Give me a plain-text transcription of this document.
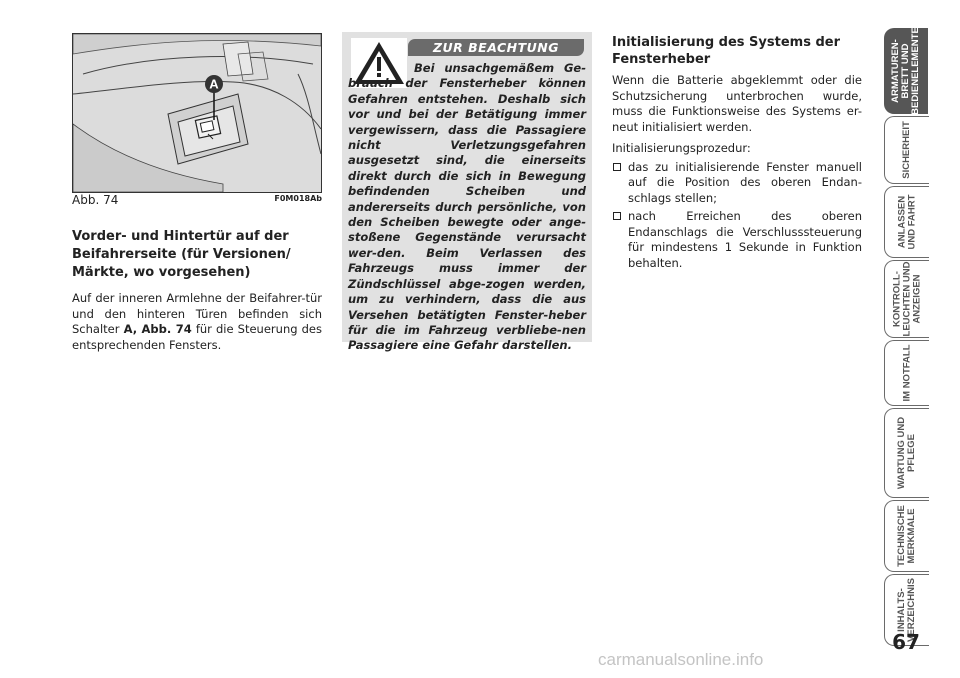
A
Abb. 74	F0M018Ab
Vorder- und Hintertür auf der Beifahrerseite (für Versionen/ Märkte, wo vorgesehen)
Auf der inneren Armlehne der Beifahrer-tür und den hinteren Türen befinden sich Schalter A, Abb. 74 für die Steuerung des entsprechenden Fensters.
ZUR BEACHTUNG
Bei unsachgemäßem Ge-brauch der Fensterheber können Gefahren entstehen. Deshalb sich vor und bei der Betätigung immer vergewissern, dass die Passagiere nicht Verletzungsgefahren ausgesetzt sind, die einerseits direkt durch die sich in Bewegung befindenden Scheiben und andererseits durch persönliche, von den Scheiben bewegte oder ange-stoßene Gegenstände verursacht wer-den. Beim Verlassen des Fahrzeugs muss immer der Zündschlüssel abge-zogen werden, um zu verhindern, dass die aus Versehen betätigten Fenster-heber für die im Fahrzeug verbliebe-nen Passagiere eine Gefahr darstellen.
Initialisierung des Systems der Fensterheber
Wenn die Batterie abgeklemmt oder die Schutzsicherung unterbrochen wurde, muss die Funktionsweise des Systems er-neut initialisiert werden.
Initialisierungsprozedur:
das zu initialisierende Fenster manuell auf die Position des oberen Endan-schlags stellen;
nach Erreichen des oberen Endanschlags die Verschlusssteuerung für mindestens 1 Sekunde in Funktion behalten.
ARMATUREN-
BRETT UND
BEDIENELEMENTE
SICHERHEIT
ANLASSEN
UND FAHRT
KONTROLL-
LEUCHTEN UND
ANZEIGEN
IM NOTFALL
WARTUNG UND
PFLEGE
TECHNISCHE
MERKMALE
INHALTS-
VERZEICHNIS
67
carmanualsonline.info
